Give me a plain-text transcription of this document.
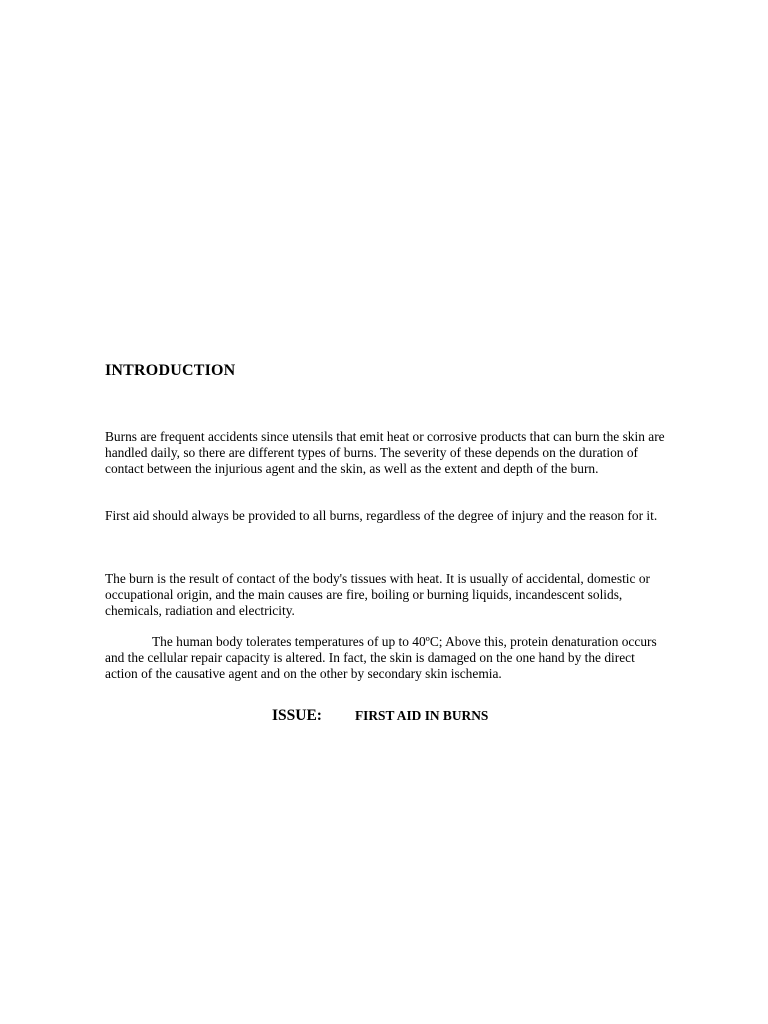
INTRODUCTION

Burns are frequent accidents since utensils that emit heat or corrosive products that can burn the skin are handled daily, so there are different types of burns. The severity of these depends on the duration of contact between the injurious agent and the skin, as well as the extent and depth of the burn.

First aid should always be provided to all burns, regardless of the degree of injury and the reason for it.

The burn is the result of contact of the body's tissues with heat. It is usually of accidental, domestic or occupational origin, and the main causes are fire, boiling or burning liquids, incandescent solids, chemicals, radiation and electricity.

The human body tolerates temperatures of up to 40ºC; Above this, protein denaturation occurs and the cellular repair capacity is altered. In fact, the skin is damaged on the one hand by the direct action of the causative agent and on the other by secondary skin ischemia.

ISSUE: FIRST AID IN BURNS
